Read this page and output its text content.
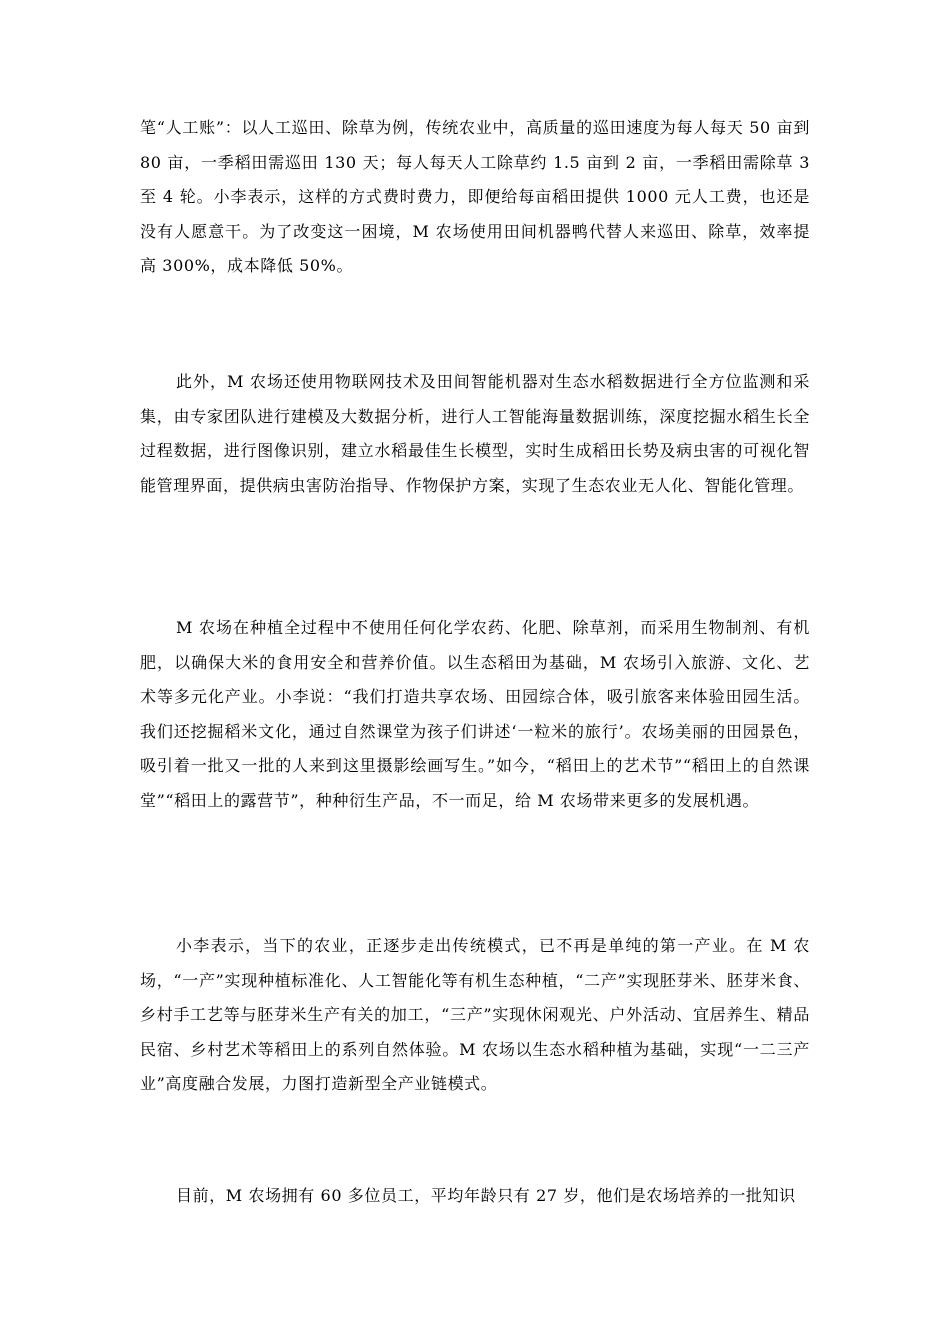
笔“人工账”：以人工巡田、除草为例，传统农业中，高质量的巡田速度为每人每天 50 亩到 80 亩，一季稻田需巡田 130 天；每人每天人工除草约 1.5 亩到 2 亩，一季稻田需除草 3 至 4 轮。小李表示，这样的方式费时费力，即便给每亩稻田提供 1000 元人工费，也还是没有人愿意干。为了改变这一困境，M 农场使用田间机器鸭代替人来巡田、除草，效率提高 300%，成本降低 50%。

此外，M 农场还使用物联网技术及田间智能机器对生态水稻数据进行全方位监测和采集，由专家团队进行建模及大数据分析，进行人工智能海量数据训练，深度挖掘水稻生长全过程数据，进行图像识别，建立水稻最佳生长模型，实时生成稻田长势及病虫害的可视化智能管理界面，提供病虫害防治指导、作物保护方案，实现了生态农业无人化、智能化管理。

M 农场在种植全过程中不使用任何化学农药、化肥、除草剂，而采用生物制剂、有机肥，以确保大米的食用安全和营养价值。以生态稻田为基础，M 农场引入旅游、文化、艺术等多元化产业。小李说：“我们打造共享农场、田园综合体，吸引旅客来体验田园生活。我们还挖掘稻米文化，通过自然课堂为孩子们讲述‘一粒米的旅行’。农场美丽的田园景色，吸引着一批又一批的人来到这里摄影绘画写生。”如今，“稻田上的艺术节”“稻田上的自然课堂”“稻田上的露营节”，种种衍生产品，不一而足，给 M 农场带来更多的发展机遇。

小李表示，当下的农业，正逐步走出传统模式，已不再是单纯的第一产业。在 M 农场，“一产”实现种植标准化、人工智能化等有机生态种植，“二产”实现胚芽米、胚芽米食、乡村手工艺等与胚芽米生产有关的加工，“三产”实现休闲观光、户外活动、宜居养生、精品民宿、乡村艺术等稻田上的系列自然体验。M 农场以生态水稻种植为基础，实现“一二三产业”高度融合发展，力图打造新型全产业链模式。

目前，M 农场拥有 60 多位员工，平均年龄只有 27 岁，他们是农场培养的一批知识
